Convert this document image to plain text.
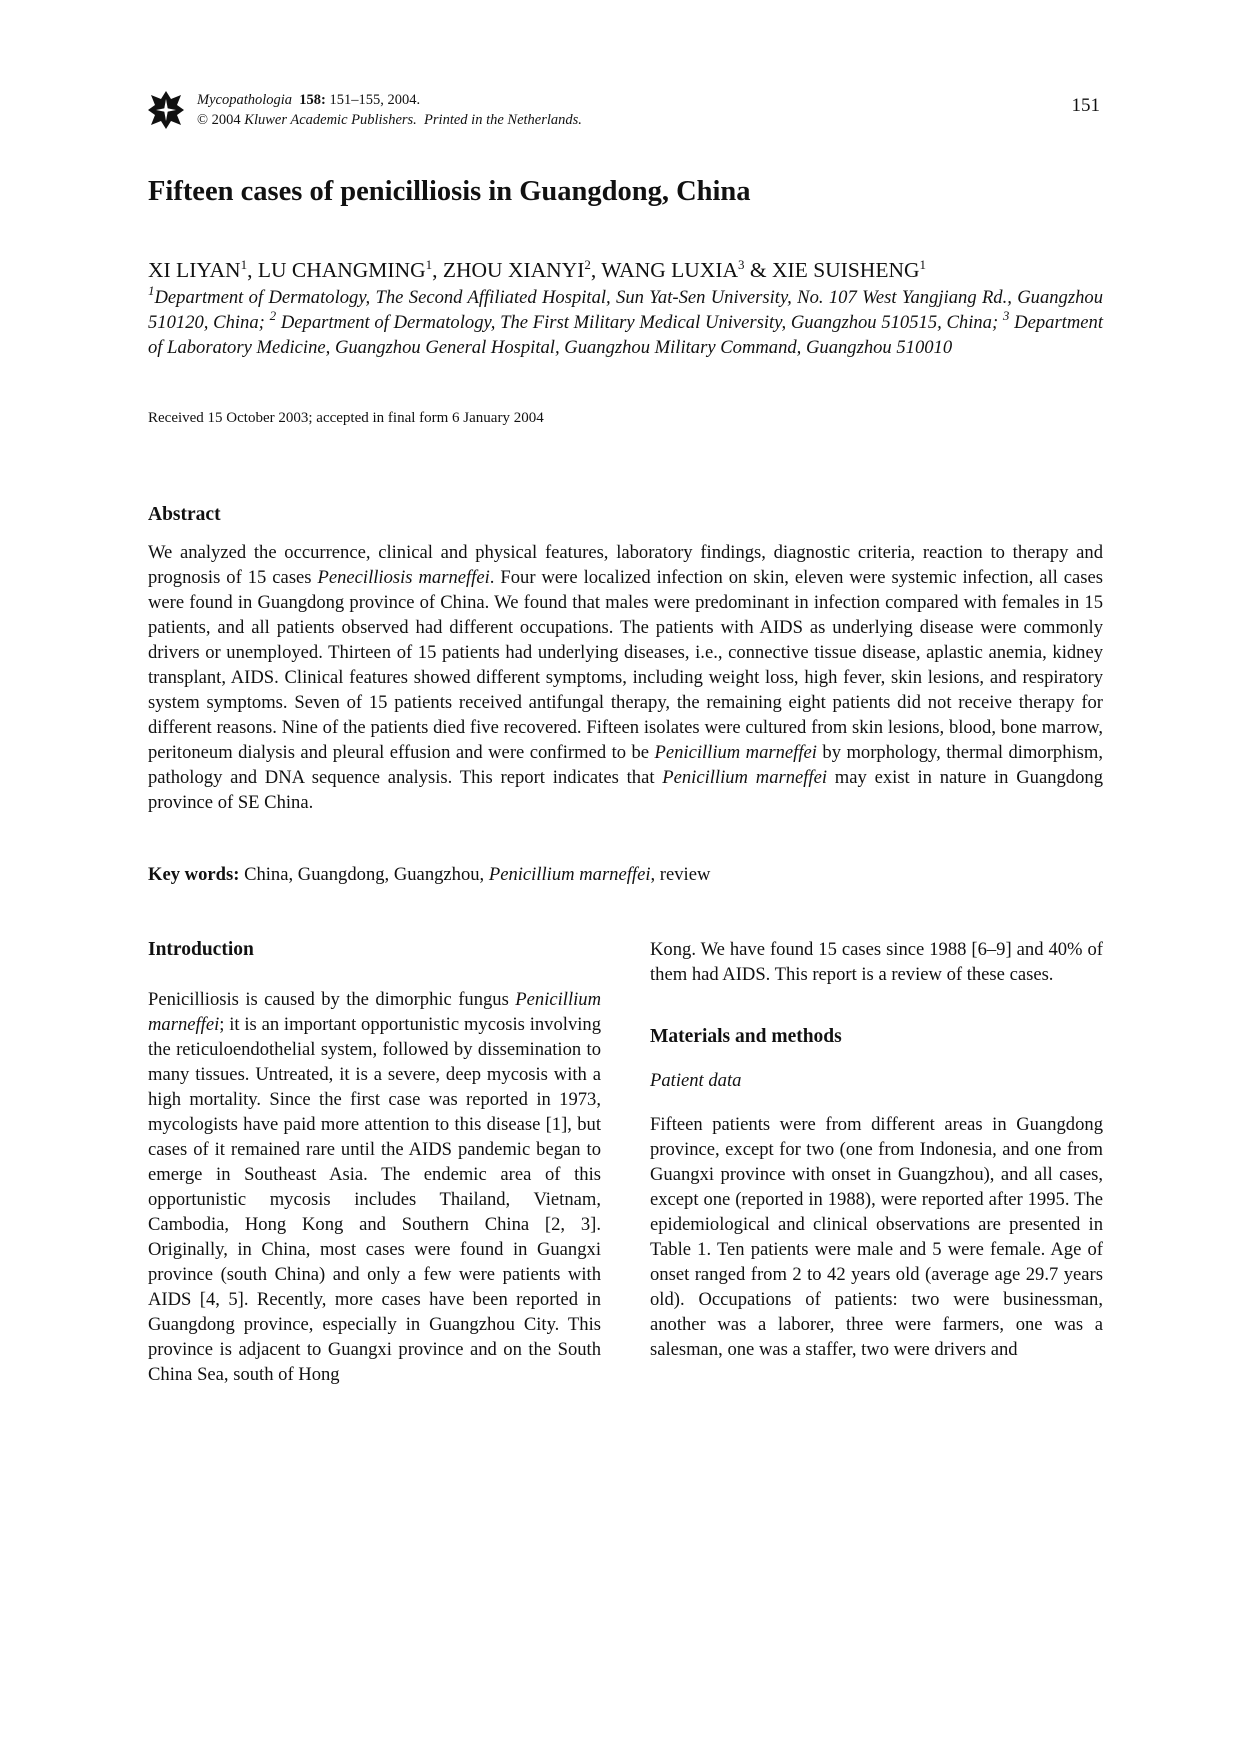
Mycopathologia 158: 151–155, 2004.
© 2004 Kluwer Academic Publishers. Printed in the Netherlands.
151
Fifteen cases of penicilliosis in Guangdong, China
XI LIYAN$^1$, LU CHANGMING$^1$, ZHOU XIANYI$^2$, WANG LUXIA$^3$ & XIE SUISHENG$^1$

$^1$Department of Dermatology, The Second Affiliated Hospital, Sun Yat-Sen University, No. 107 West Yangjiang Rd., Guangzhou 510120, China; $^2$ Department of Dermatology, The First Military Medical University, Guangzhou 510515, China; $^3$ Department of Laboratory Medicine, Guangzhou General Hospital, Guangzhou Military Command, Guangzhou 510010

Received 15 October 2003; accepted in final form 6 January 2004
Abstract

We analyzed the occurrence, clinical and physical features, laboratory findings, diagnostic criteria, reaction to therapy and prognosis of 15 cases Penecilliosis marneffei. Four were localized infection on skin, eleven were systemic infection, all cases were found in Guangdong province of China. We found that males were predominant in infection compared with females in 15 patients, and all patients observed had different occupations. The patients with AIDS as underlying disease were commonly drivers or unemployed. Thirteen of 15 patients had underlying diseases, i.e., connective tissue disease, aplastic anemia, kidney transplant, AIDS. Clinical features showed different symptoms, including weight loss, high fever, skin lesions, and respiratory system symptoms. Seven of 15 patients received antifungal therapy, the remaining eight patients did not receive therapy for different reasons. Nine of the patients died five recovered. Fifteen isolates were cultured from skin lesions, blood, bone marrow, peritoneum dialysis and pleural effusion and were confirmed to be Penicillium marneffei by morphology, thermal dimorphism, pathology and DNA sequence analysis. This report indicates that Penicillium marneffei may exist in nature in Guangdong province of SE China.

Key words: China, Guangdong, Guangzhou, Penicillium marneffei, review

Introduction

Penicilliosis is caused by the dimorphic fungus Penicillium marneffei; it is an important opportunistic mycosis involving the reticuloendothelial system, followed by dissemination to many tissues. Untreated, it is a severe, deep mycosis with a high mortality. Since the first case was reported in 1973, mycologists have paid more attention to this disease [1], but cases of it remained rare until the AIDS pandemic began to emerge in Southeast Asia. The endemic area of this opportunistic mycosis includes Thailand, Vietnam, Cambodia, Hong Kong and Southern China [2, 3]. Originally, in China, most cases were found in Guangxi province (south China) and only a few were patients with AIDS [4, 5]. Recently, more cases have been reported in Guangdong province, especially in Guangzhou City. This province is adjacent to Guangxi province and on the South China Sea, south of Hong

Kong. We have found 15 cases since 1988 [6–9] and 40% of them had AIDS. This report is a review of these cases.

Materials and methods

Patient data

Fifteen patients were from different areas in Guangdong province, except for two (one from Indonesia, and one from Guangxi province with onset in Guangzhou), and all cases, except one (reported in 1988), were reported after 1995. The epidemiological and clinical observations are presented in Table 1. Ten patients were male and 5 were female. Age of onset ranged from 2 to 42 years old (average age 29.7 years old). Occupations of patients: two were businessman, another was a laborer, three were farmers, one was a salesman, one was a staffer, two were drivers and
